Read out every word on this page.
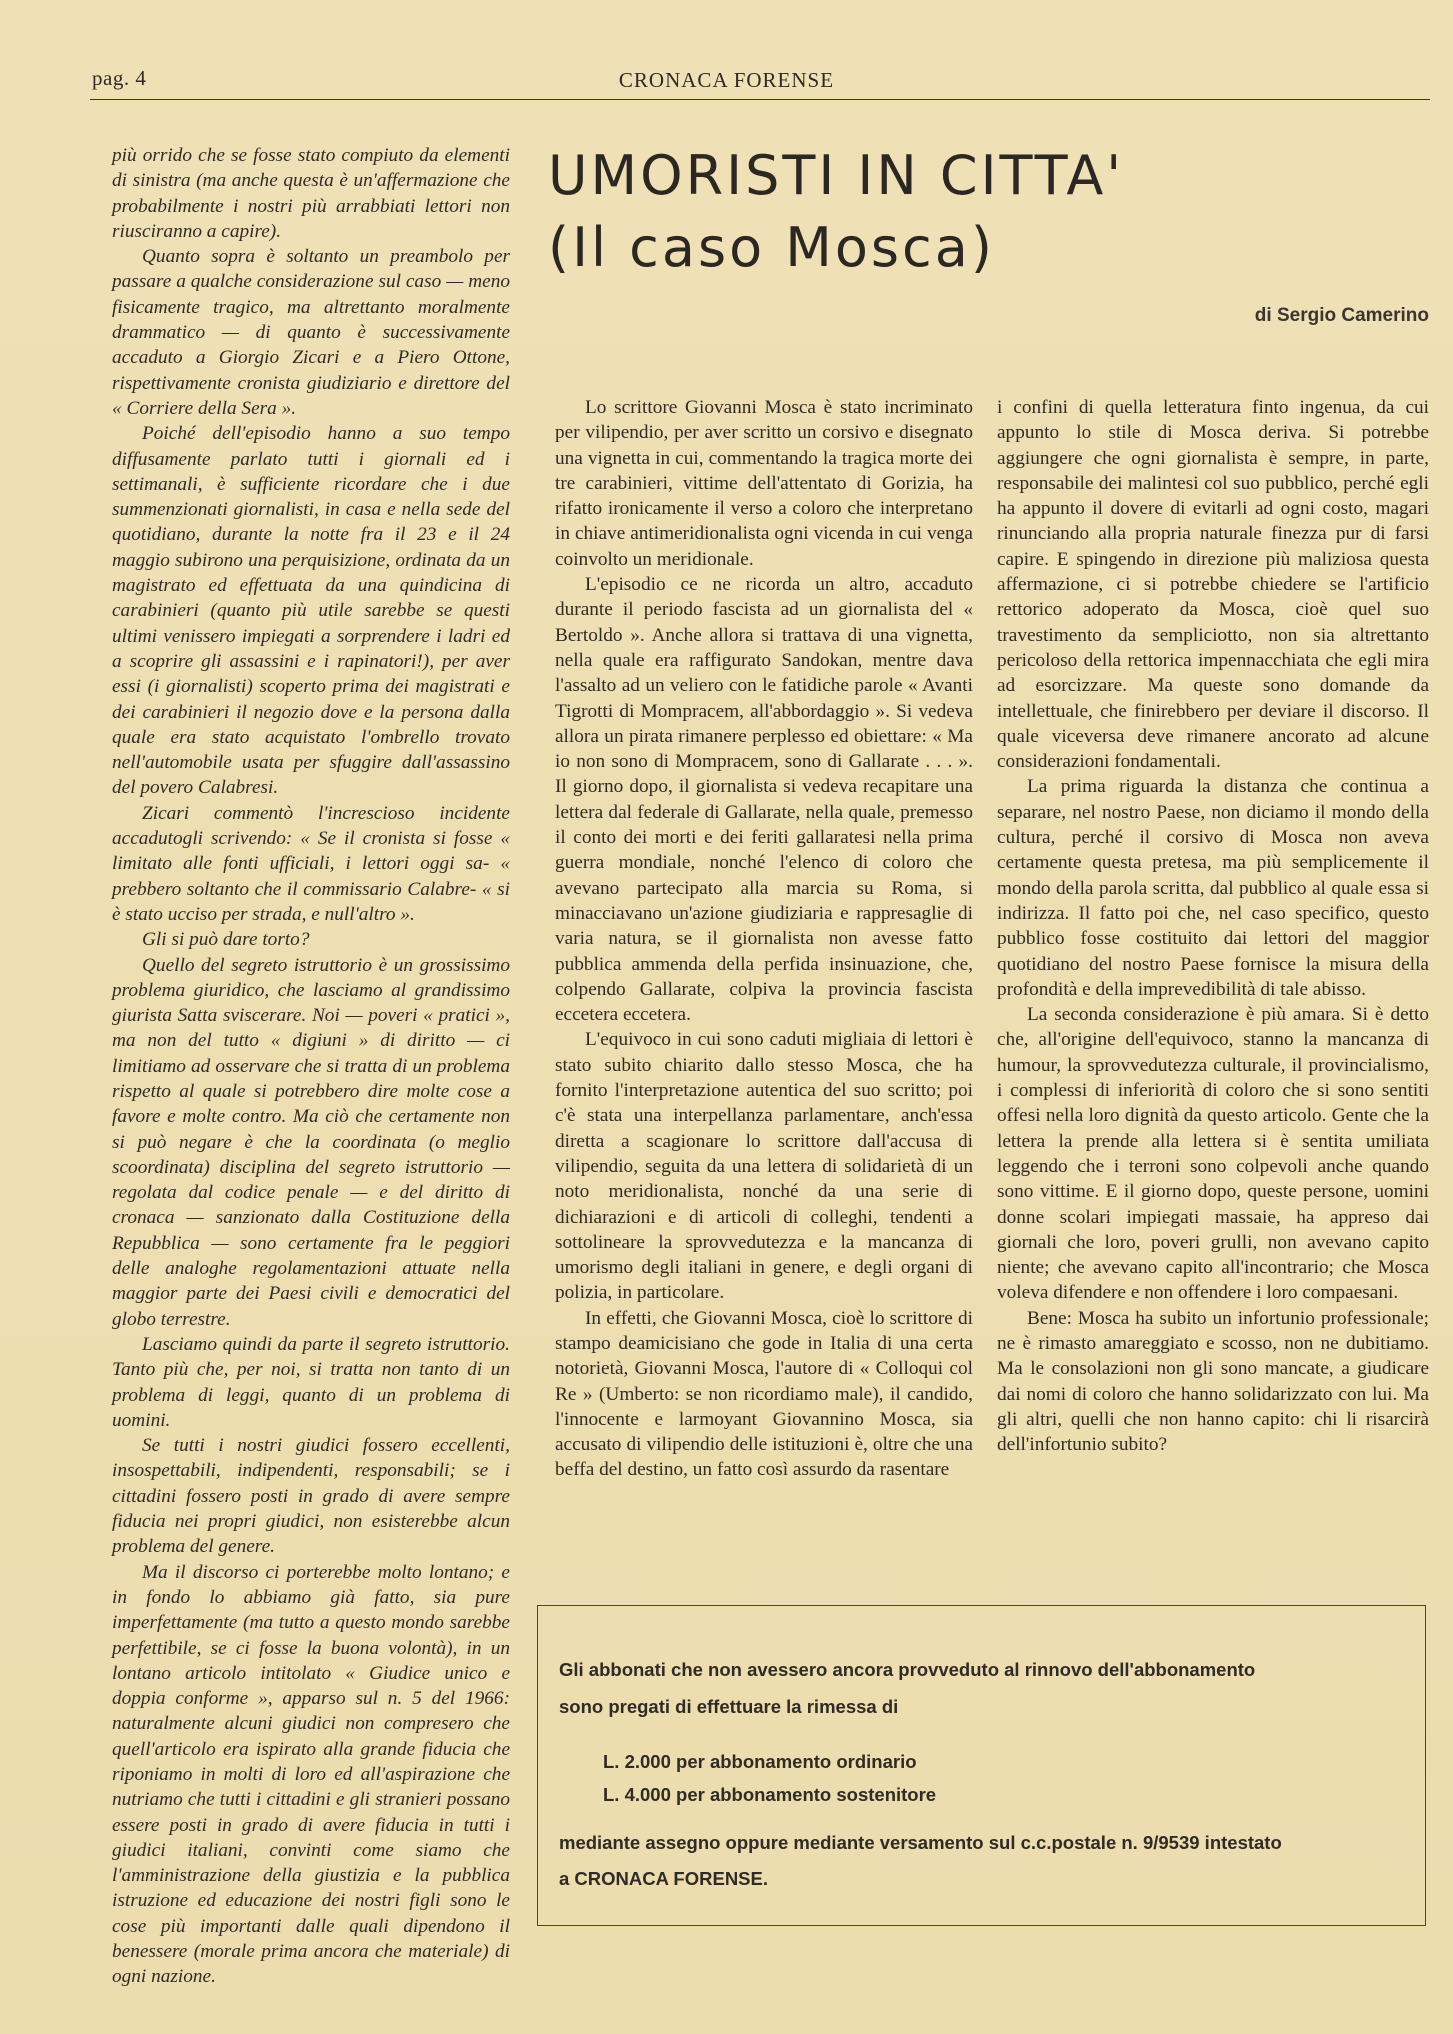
pag. 4	CRONACA FORENSE

più orrido che se fosse stato compiuto da elementi di sinistra (ma anche questa è un'affermazione che probabilmente i nostri più arrabbiati lettori non riusciranno a capire).

Quanto sopra è soltanto un preambolo per passare a qualche considerazione sul caso — meno fisicamente tragico, ma altrettanto moralmente drammatico — di quanto è successivamente accaduto a Giorgio Zicari e a Piero Ottone, rispettivamente cronista giudiziario e direttore del « Corriere della Sera ».

Poiché dell'episodio hanno a suo tempo diffusamente parlato tutti i giornali ed i settimanali, è sufficiente ricordare che i due summenzionati giornalisti, in casa e nella sede del quotidiano, durante la notte fra il 23 e il 24 maggio subirono una perquisizione, ordinata da un magistrato ed effettuata da una quindicina di carabinieri (quanto più utile sarebbe se questi ultimi venissero impiegati a sorprendere i ladri ed a scoprire gli assassini e i rapinatori!), per aver essi (i giornalisti) scoperto prima dei magistrati e dei carabinieri il negozio dove e la persona dalla quale era stato acquistato l'ombrello trovato nell'automobile usata per sfuggire dall'assassino del povero Calabresi.

Zicari commentò l'increscioso incidente accadutogli scrivendo: « Se il cronista si fosse « limitato alle fonti ufficiali, i lettori oggi sa- « prebbero soltanto che il commissario Calabre- « si è stato ucciso per strada, e null'altro ».

Gli si può dare torto?

Quello del segreto istruttorio è un grossissimo problema giuridico, che lasciamo al grandissimo giurista Satta sviscerare. Noi — poveri « pratici », ma non del tutto « digiuni » di diritto — ci limitiamo ad osservare che si tratta di un problema rispetto al quale si potrebbero dire molte cose a favore e molte contro. Ma ciò che certamente non si può negare è che la coordinata (o meglio scoordinata) disciplina del segreto istruttorio — regolata dal codice penale — e del diritto di cronaca — sanzionato dalla Costituzione della Repubblica — sono certamente fra le peggiori delle analoghe regolamentazioni attuate nella maggior parte dei Paesi civili e democratici del globo terrestre.

Lasciamo quindi da parte il segreto istruttorio. Tanto più che, per noi, si tratta non tanto di un problema di leggi, quanto di un problema di uomini.

Se tutti i nostri giudici fossero eccellenti, insospettabili, indipendenti, responsabili; se i cittadini fossero posti in grado di avere sempre fiducia nei propri giudici, non esisterebbe alcun problema del genere.

Ma il discorso ci porterebbe molto lontano; e in fondo lo abbiamo già fatto, sia pure imperfettamente (ma tutto a questo mondo sarebbe perfettibile, se ci fosse la buona volontà), in un lontano articolo intitolato « Giudice unico e doppia conforme », apparso sul n. 5 del 1966: naturalmente alcuni giudici non compresero che quell'articolo era ispirato alla grande fiducia che riponiamo in molti di loro ed all'aspirazione che nutriamo che tutti i cittadini e gli stranieri possano essere posti in grado di avere fiducia in tutti i giudici italiani, convinti come siamo che l'amministrazione della giustizia e la pubblica istruzione ed educazione dei nostri figli sono le cose più importanti dalle quali dipendono il benessere (morale prima ancora che materiale) di ogni nazione.

UMORISTI IN CITTA'
(Il caso Mosca)
di Sergio Camerino

Lo scrittore Giovanni Mosca è stato incriminato per vilipendio, per aver scritto un corsivo e disegnato una vignetta in cui, commentando la tragica morte dei tre carabinieri, vittime dell'attentato di Gorizia, ha rifatto ironicamente il verso a coloro che interpretano in chiave antimeridionalista ogni vicenda in cui venga coinvolto un meridionale.

L'episodio ce ne ricorda un altro, accaduto durante il periodo fascista ad un giornalista del « Bertoldo ». Anche allora si trattava di una vignetta, nella quale era raffigurato Sandokan, mentre dava l'assalto ad un veliero con le fatidiche parole « Avanti Tigrotti di Mompracem, all'abbordaggio ». Si vedeva allora un pirata rimanere perplesso ed obiettare: « Ma io non sono di Mompracem, sono di Gallarate . . . ». Il giorno dopo, il giornalista si vedeva recapitare una lettera dal federale di Gallarate, nella quale, premesso il conto dei morti e dei feriti gallaratesi nella prima guerra mondiale, nonché l'elenco di coloro che avevano partecipato alla marcia su Roma, si minacciavano un'azione giudiziaria e rappresaglie di varia natura, se il giornalista non avesse fatto pubblica ammenda della perfida insinuazione, che, colpendo Gallarate, colpiva la provincia fascista eccetera eccetera.

L'equivoco in cui sono caduti migliaia di lettori è stato subito chiarito dallo stesso Mosca, che ha fornito l'interpretazione autentica del suo scritto; poi c'è stata una interpellanza parlamentare, anch'essa diretta a scagionare lo scrittore dall'accusa di vilipendio, seguita da una lettera di solidarietà di un noto meridionalista, nonché da una serie di dichiarazioni e di articoli di colleghi, tendenti a sottolineare la sprovvedutezza e la mancanza di umorismo degli italiani in genere, e degli organi di polizia, in particolare.

In effetti, che Giovanni Mosca, cioè lo scrittore di stampo deamicisiano che gode in Italia di una certa notorietà, Giovanni Mosca, l'autore di « Colloqui col Re » (Umberto: se non ricordiamo male), il candido, l'innocente e larmoyant Giovannino Mosca, sia accusato di vilipendio delle istituzioni è, oltre che una beffa del destino, un fatto così assurdo da rasentare

i confini di quella letteratura finto ingenua, da cui appunto lo stile di Mosca deriva. Si potrebbe aggiungere che ogni giornalista è sempre, in parte, responsabile dei malintesi col suo pubblico, perché egli ha appunto il dovere di evitarli ad ogni costo, magari rinunciando alla propria naturale finezza pur di farsi capire. E spingendo in direzione più maliziosa questa affermazione, ci si potrebbe chiedere se l'artificio rettorico adoperato da Mosca, cioè quel suo travestimento da sempliciotto, non sia altrettanto pericoloso della rettorica impennacchiata che egli mira ad esorcizzare. Ma queste sono domande da intellettuale, che finirebbero per deviare il discorso. Il quale viceversa deve rimanere ancorato ad alcune considerazioni fondamentali.

La prima riguarda la distanza che continua a separare, nel nostro Paese, non diciamo il mondo della cultura, perché il corsivo di Mosca non aveva certamente questa pretesa, ma più semplicemente il mondo della parola scritta, dal pubblico al quale essa si indirizza. Il fatto poi che, nel caso specifico, questo pubblico fosse costituito dai lettori del maggior quotidiano del nostro Paese fornisce la misura della profondità e della imprevedibilità di tale abisso.

La seconda considerazione è più amara. Si è detto che, all'origine dell'equivoco, stanno la mancanza di humour, la sprovvedutezza culturale, il provincialismo, i complessi di inferiorità di coloro che si sono sentiti offesi nella loro dignità da questo articolo. Gente che la lettera la prende alla lettera si è sentita umiliata leggendo che i terroni sono colpevoli anche quando sono vittime. E il giorno dopo, queste persone, uomini donne scolari impiegati massaie, ha appreso dai giornali che loro, poveri grulli, non avevano capito niente; che avevano capito all'incontrario; che Mosca voleva difendere e non offendere i loro compaesani.

Bene: Mosca ha subito un infortunio professionale; ne è rimasto amareggiato e scosso, non ne dubitiamo. Ma le consolazioni non gli sono mancate, a giudicare dai nomi di coloro che hanno solidarizzato con lui. Ma gli altri, quelli che non hanno capito: chi li risarcirà dell'infortunio subito?

Gli abbonati che non avessero ancora provveduto al rinnovo dell'abbonamento
sono pregati di effettuare la rimessa di
L. 2.000 per abbonamento ordinario
L. 4.000 per abbonamento sostenitore
mediante assegno oppure mediante versamento sul c.c.postale n. 9/9539 intestato
a CRONACA FORENSE.
